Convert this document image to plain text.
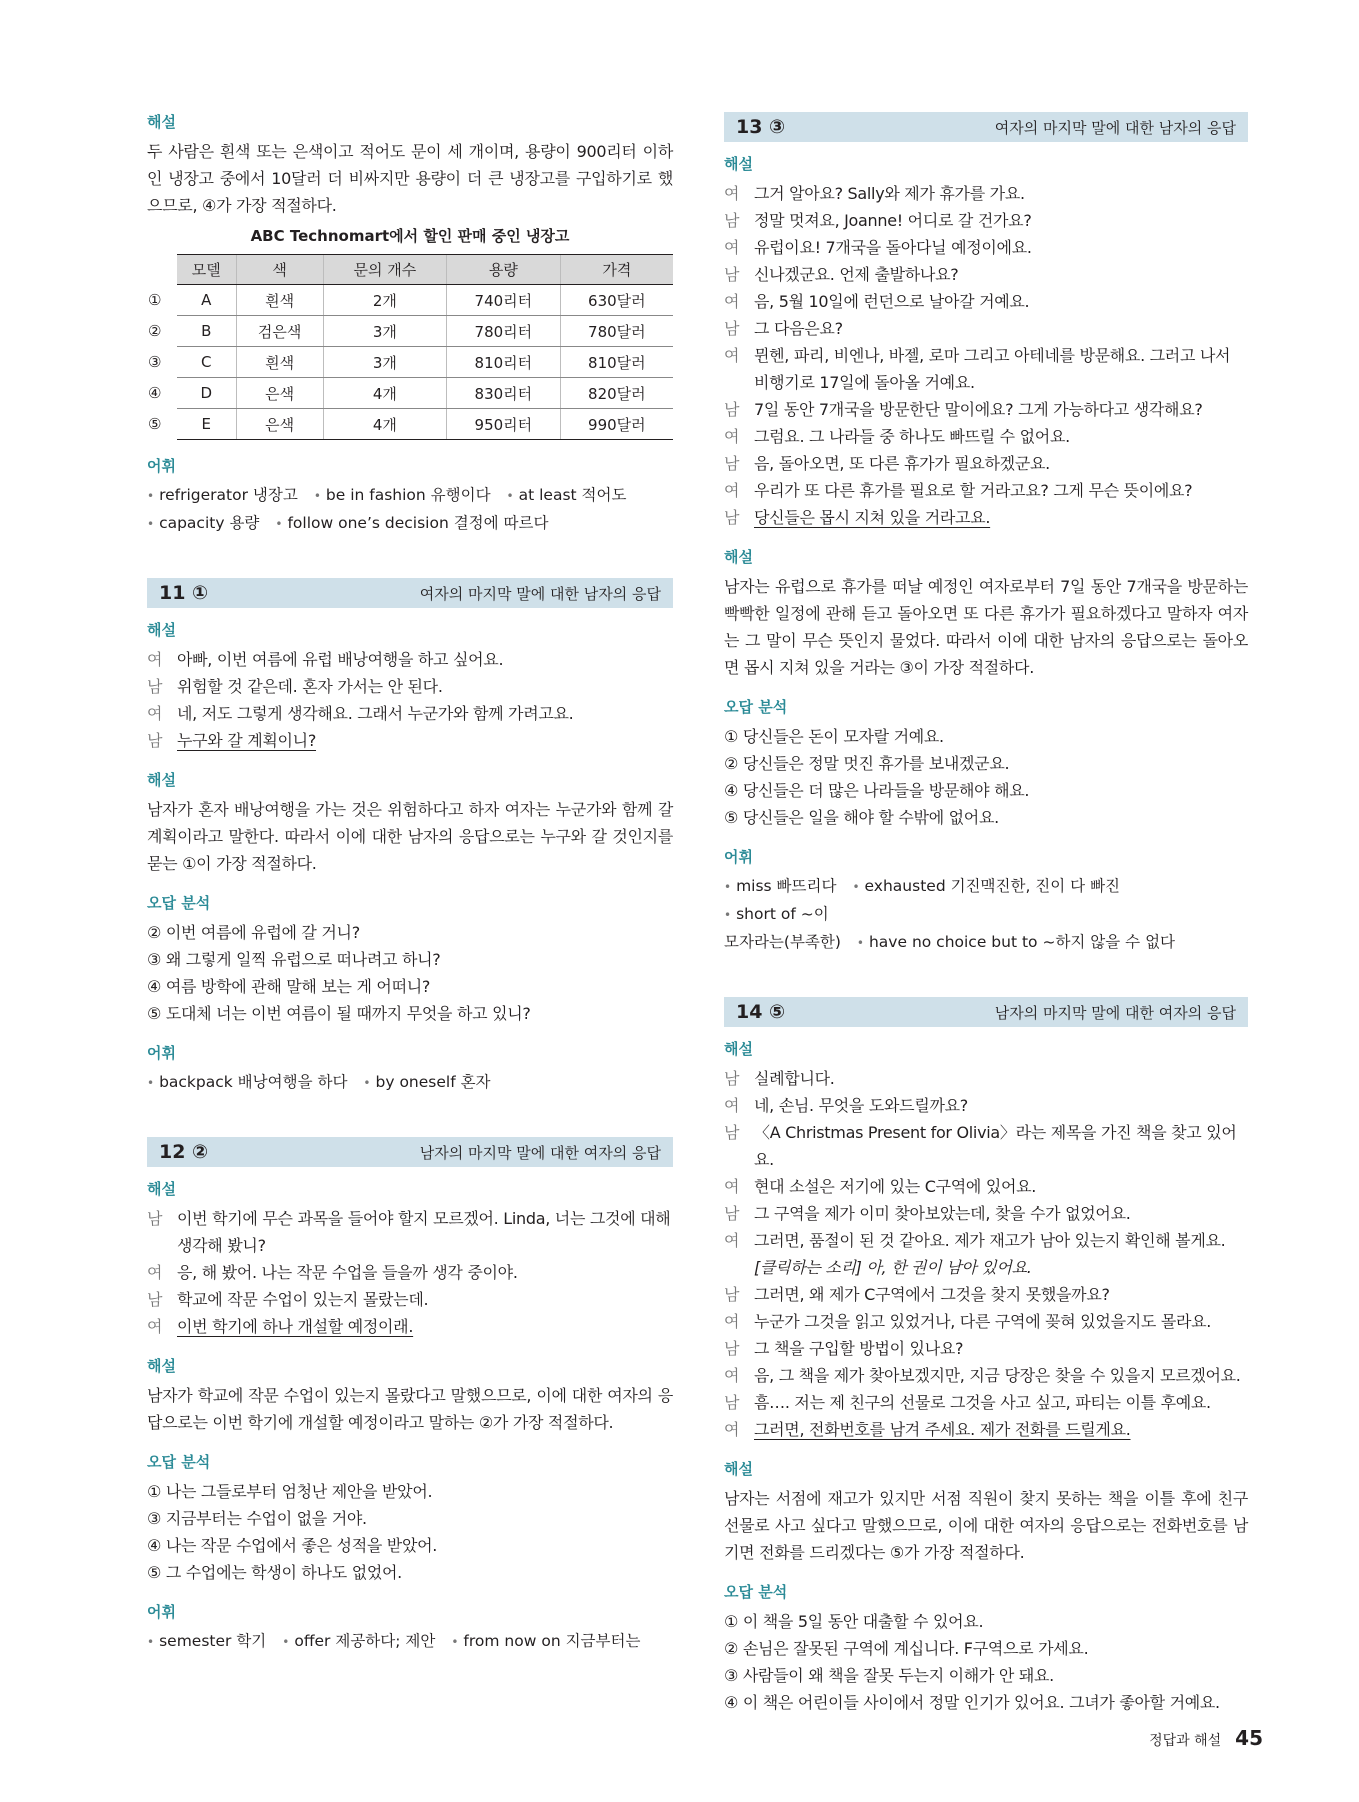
해설

두 사람은 흰색 또는 은색이고 적어도 문이 세 개이며, 용량이 900리터 이하인 냉장고 중에서 10달러 더 비싸지만 용량이 더 큰 냉장고를 구입하기로 했으므로, ④가 가장 적절하다.

ABC Technomart에서 할인 판매 중인 냉장고
	모델	색	문의 개수	용량	가격
①	A	흰색	2개	740리터	630달러
②	B	검은색	3개	780리터	780달러
③	C	흰색	3개	810리터	810달러
④	D	은색	4개	830리터	820달러
⑤	E	은색	4개	950리터	990달러
어휘

• refrigerator 냉장고 • be in fashion 유행이다 • at least 적어도

• capacity 용량 • follow one’s decision 결정에 따르다

11 ①	여자의 마지막 말에 대한 남자의 응답
해설
여 아빠, 이번 여름에 유럽 배낭여행을 하고 싶어요.
남 위험할 것 같은데. 혼자 가서는 안 된다.
여 네, 저도 그렇게 생각해요. 그래서 누군가와 함께 가려고요.
남 누구와 갈 계획이니?
해설

남자가 혼자 배낭여행을 가는 것은 위험하다고 하자 여자는 누군가와 함께 갈 계획이라고 말한다. 따라서 이에 대한 남자의 응답으로는 누구와 갈 것인지를 묻는 ①이 가장 적절하다.

오답 분석

② 이번 여름에 유럽에 갈 거니?

③ 왜 그렇게 일찍 유럽으로 떠나려고 하니?

④ 여름 방학에 관해 말해 보는 게 어떠니?

⑤ 도대체 너는 이번 여름이 될 때까지 무엇을 하고 있니?

어휘

• backpack 배낭여행을 하다 • by oneself 혼자

12 ②	남자의 마지막 말에 대한 여자의 응답
해설
남 이번 학기에 무슨 과목을 들어야 할지 모르겠어. Linda, 너는 그것에 대해 생각해 봤니?
여 응, 해 봤어. 나는 작문 수업을 들을까 생각 중이야.
남 학교에 작문 수업이 있는지 몰랐는데.
여 이번 학기에 하나 개설할 예정이래.
해설

남자가 학교에 작문 수업이 있는지 몰랐다고 말했으므로, 이에 대한 여자의 응답으로는 이번 학기에 개설할 예정이라고 말하는 ②가 가장 적절하다.

오답 분석

① 나는 그들로부터 엄청난 제안을 받았어.

③ 지금부터는 수업이 없을 거야.

④ 나는 작문 수업에서 좋은 성적을 받았어.

⑤ 그 수업에는 학생이 하나도 없었어.

어휘

• semester 학기 • offer 제공하다; 제안 • from now on 지금부터는

13 ③	여자의 마지막 말에 대한 남자의 응답
해설
여 그거 알아요? Sally와 제가 휴가를 가요.
남 정말 멋져요, Joanne! 어디로 갈 건가요?
여 유럽이요! 7개국을 돌아다닐 예정이에요.
남 신나겠군요. 언제 출발하나요?
여 음, 5월 10일에 런던으로 날아갈 거예요.
남 그 다음은요?
여 뮌헨, 파리, 비엔나, 바젤, 로마 그리고 아테네를 방문해요. 그러고 나서 비행기로 17일에 돌아올 거예요.
남 7일 동안 7개국을 방문한단 말이에요? 그게 가능하다고 생각해요?
여 그럼요. 그 나라들 중 하나도 빠뜨릴 수 없어요.
남 음, 돌아오면, 또 다른 휴가가 필요하겠군요.
여 우리가 또 다른 휴가를 필요로 할 거라고요? 그게 무슨 뜻이에요?
남 당신들은 몹시 지쳐 있을 거라고요.
해설

남자는 유럽으로 휴가를 떠날 예정인 여자로부터 7일 동안 7개국을 방문하는 빡빡한 일정에 관해 듣고 돌아오면 또 다른 휴가가 필요하겠다고 말하자 여자는 그 말이 무슨 뜻인지 물었다. 따라서 이에 대한 남자의 응답으로는 돌아오면 몹시 지쳐 있을 거라는 ③이 가장 적절하다.

오답 분석

① 당신들은 돈이 모자랄 거예요.

② 당신들은 정말 멋진 휴가를 보내겠군요.

④ 당신들은 더 많은 나라들을 방문해야 해요.

⑤ 당신들은 일을 해야 할 수밖에 없어요.

어휘

• miss 빠뜨리다 • exhausted 기진맥진한, 진이 다 빠진• short of ~이

모자라는(부족한) • have no choice but to ~하지 않을 수 없다

14 ⑤	남자의 마지막 말에 대한 여자의 응답
해설
남 실례합니다.
여 네, 손님. 무엇을 도와드릴까요?
남 〈A Christmas Present for Olivia〉라는 제목을 가진 책을 찾고 있어요.
여 현대 소설은 저기에 있는 C구역에 있어요.
남 그 구역을 제가 이미 찾아보았는데, 찾을 수가 없었어요.
여 그러면, 품절이 된 것 같아요. 제가 재고가 남아 있는지 확인해 볼게요.
[클릭하는 소리] 아, 한 권이 남아 있어요.
남 그러면, 왜 제가 C구역에서 그것을 찾지 못했을까요?
여 누군가 그것을 읽고 있었거나, 다른 구역에 꽂혀 있었을지도 몰라요.
남 그 책을 구입할 방법이 있나요?
여 음, 그 책을 제가 찾아보겠지만, 지금 당장은 찾을 수 있을지 모르겠어요.
남 흠…. 저는 제 친구의 선물로 그것을 사고 싶고, 파티는 이틀 후예요.
여 그러면, 전화번호를 남겨 주세요. 제가 전화를 드릴게요.
해설

남자는 서점에 재고가 있지만 서점 직원이 찾지 못하는 책을 이틀 후에 친구 선물로 사고 싶다고 말했으므로, 이에 대한 여자의 응답으로는 전화번호를 남기면 전화를 드리겠다는 ⑤가 가장 적절하다.

오답 분석

① 이 책을 5일 동안 대출할 수 있어요.

② 손님은 잘못된 구역에 계십니다. F구역으로 가세요.

③ 사람들이 왜 책을 잘못 두는지 이해가 안 돼요.

④ 이 책은 어린이들 사이에서 정말 인기가 있어요. 그녀가 좋아할 거예요.

정답과 해설 45
